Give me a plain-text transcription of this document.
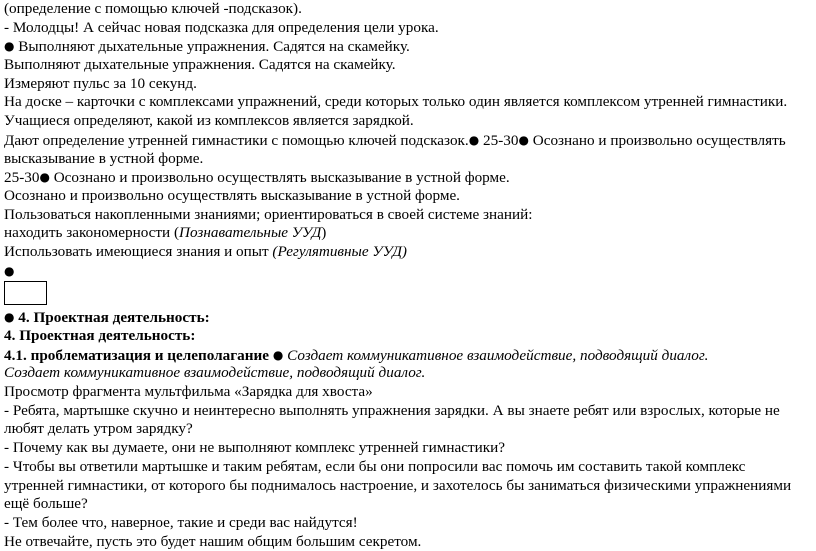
(определение с помощью ключей -подсказок).
- Молодцы! А сейчас новая подсказка для определения цели урока.
● Выполняют дыхательные упражнения. Садятся на скамейку.
Выполняют дыхательные упражнения. Садятся на скамейку.
Измеряют пульс за 10 секунд.
На доске – карточки с комплексами упражнений, среди которых только один является комплексом утренней гимнастики.
Учащиеся определяют, какой из комплексов является зарядкой.
Дают определение утренней гимнастики с помощью ключей подсказок.● 25-30● Осознано и произвольно осуществлять
высказывание в устной форме.
25-30● Осознано и произвольно осуществлять высказывание в устной форме.
Осознано и произвольно осуществлять высказывание в устной форме.
Пользоваться накопленными знаниями; ориентироваться в своей системе знаний:
находить закономерности (Познавательные УУД)
Использовать имеющиеся знания и опыт (Регулятивные УУД)
●
● 4. Проектная деятельность:
4. Проектная деятельность:
4.1. проблематизация и целеполагание ● Создает коммуникативное взаимодействие, подводящий диалог.
Создает коммуникативное взаимодействие, подводящий диалог.
Просмотр фрагмента мультфильма «Зарядка для хвоста»
- Ребята, мартышке скучно и неинтересно выполнять упражнения зарядки. А вы знаете ребят или взрослых, которые не
любят делать утром зарядку?
- Почему как вы думаете, они не выполняют комплекс утренней гимнастики?
- Чтобы вы ответили мартышке и таким ребятам, если бы они попросили вас помочь им составить такой комплекс
утренней гимнастики, от которого бы поднималось настроение, и захотелось бы заниматься физическими упражнениями
ещё больше?
- Тем более что, наверное, такие и среди вас найдутся!
Не отвечайте, пусть это будет нашим общим большим секретом.
